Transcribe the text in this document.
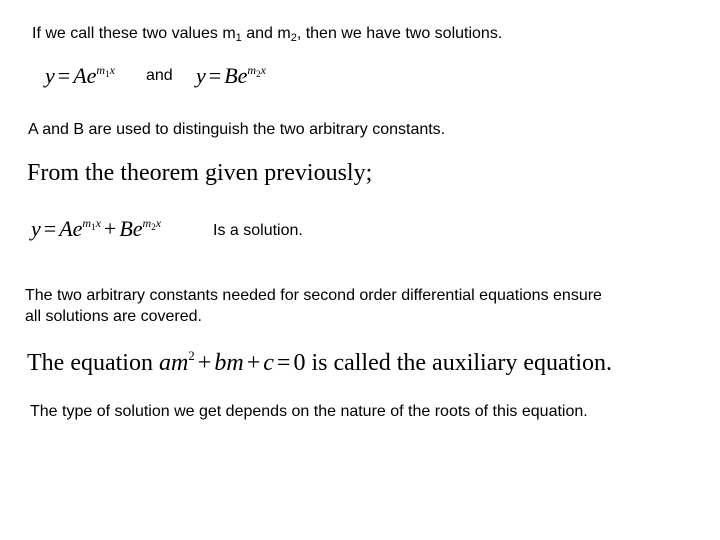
If we call these two values $m_1$ and $m_2$, then we have two solutions.
$y = Ae^{m_1x}$ and $y = Be^{m_2x}$
A and B are used to distinguish the two arbitrary constants.
From the theorem given previously;
$y = Ae^{m_1x} + Be^{m_2x}$	Is a solution.
The two arbitrary constants needed for second order differential equations ensure
all solutions are covered.
The equation $am^2$ + bm + c = 0 is called the auxiliary equation.
The type of solution we get depends on the nature of the roots of this equation.
